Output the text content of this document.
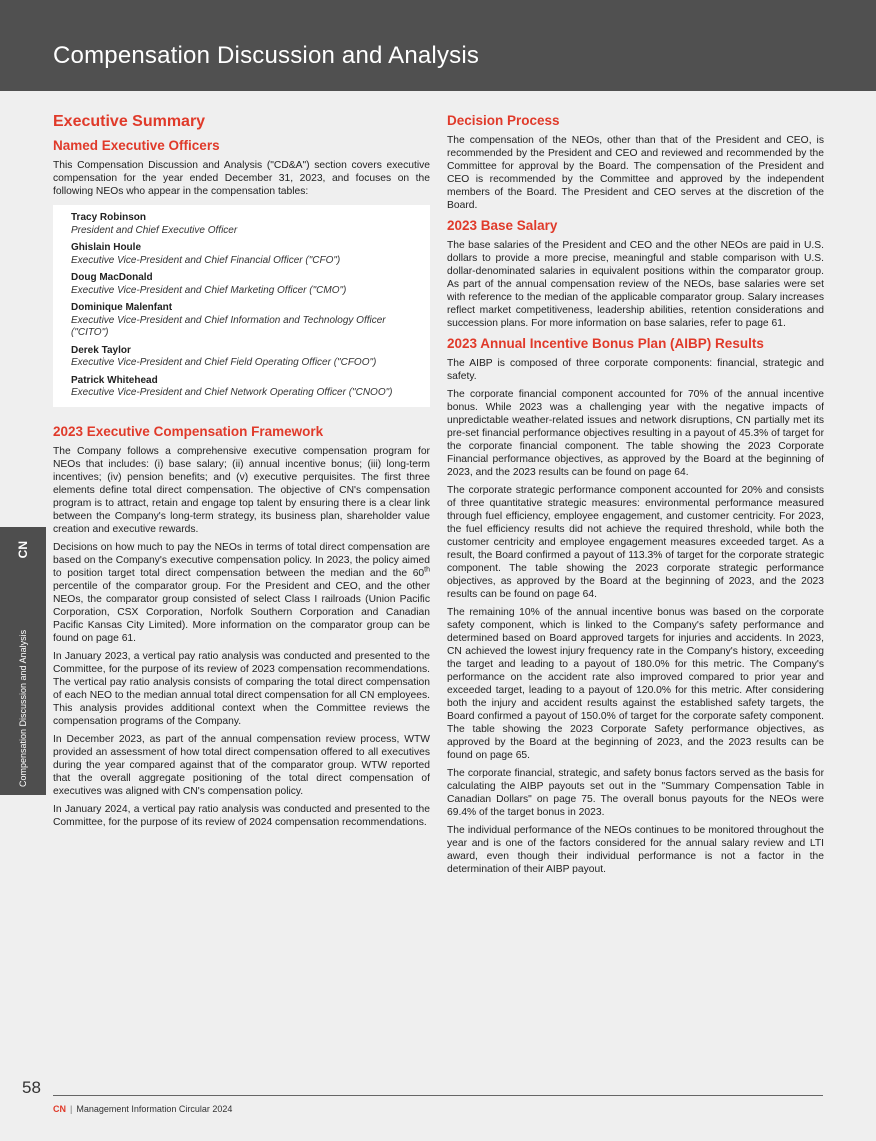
Compensation Discussion and Analysis
Compensation Discussion and Analysis
CN
Executive Summary
Named Executive Officers

This Compensation Discussion and Analysis ("CD&A") section covers executive compensation for the year ended December 31, 2023, and focuses on the following NEOs who appear in the compensation tables:

Tracy Robinson
President and Chief Executive Officer
Ghislain Houle
Executive Vice-President and Chief Financial Officer ("CFO")
Doug MacDonald
Executive Vice-President and Chief Marketing Officer ("CMO")
Dominique Malenfant
Executive Vice-President and Chief Information and Technology Officer ("CITO")
Derek Taylor
Executive Vice-President and Chief Field Operating Officer ("CFOO")
Patrick Whitehead
Executive Vice-President and Chief Network Operating Officer ("CNOO")
2023 Executive Compensation Framework

The Company follows a comprehensive executive compensation program for NEOs that includes: (i) base salary; (ii) annual incentive bonus; (iii) long-term incentives; (iv) pension benefits; and (v) executive perquisites. The first three elements define total direct compensation. The objective of CN's compensation program is to attract, retain and engage top talent by ensuring there is a clear link between the Company's long-term strategy, its business plan, shareholder value creation and executive rewards.

Decisions on how much to pay the NEOs in terms of total direct compensation are based on the Company's executive compensation policy. In 2023, the policy aimed to position target total direct compensation between the median and the 60th percentile of the comparator group. For the President and CEO, and the other NEOs, the comparator group consisted of select Class I railroads (Union Pacific Corporation, CSX Corporation, Norfolk Southern Corporation and Canadian Pacific Kansas City Limited). More information on the comparator group can be found on page 61.

In January 2023, a vertical pay ratio analysis was conducted and presented to the Committee, for the purpose of its review of 2023 compensation recommendations. The vertical pay ratio analysis consists of comparing the total direct compensation of each NEO to the median annual total direct compensation for all CN employees. This analysis provides additional context when the Committee reviews the compensation programs of the Company.

In December 2023, as part of the annual compensation review process, WTW provided an assessment of how total direct compensation offered to all executives during the year compared against that of the comparator group. WTW reported that the overall aggregate positioning of the total direct compensation of executives was aligned with CN's compensation policy.

In January 2024, a vertical pay ratio analysis was conducted and presented to the Committee, for the purpose of its review of 2024 compensation recommendations.

Decision Process

The compensation of the NEOs, other than that of the President and CEO, is recommended by the President and CEO and reviewed and recommended by the Committee for approval by the Board. The compensation of the President and CEO is recommended by the Committee and approved by the independent members of the Board. The President and CEO serves at the discretion of the Board.

2023 Base Salary

The base salaries of the President and CEO and the other NEOs are paid in U.S. dollars to provide a more precise, meaningful and stable comparison with U.S. dollar-denominated salaries in equivalent positions within the comparator group. As part of the annual compensation review of the NEOs, base salaries were set with reference to the median of the applicable comparator group. Salary increases reflect market competitiveness, leadership abilities, retention considerations and succession plans. For more information on base salaries, refer to page 61.

2023 Annual Incentive Bonus Plan (AIBP) Results

The AIBP is composed of three corporate components: financial, strategic and safety.

The corporate financial component accounted for 70% of the annual incentive bonus. While 2023 was a challenging year with the negative impacts of unpredictable weather-related issues and network disruptions, CN partially met its pre-set financial performance objectives resulting in a payout of 45.3% of target for the corporate financial component. The table showing the 2023 Corporate Financial performance objectives, as approved by the Board at the beginning of 2023, and the 2023 results can be found on page 64.

The corporate strategic performance component accounted for 20% and consists of three quantitative strategic measures: environmental performance measured through fuel efficiency, employee engagement, and customer centricity. For 2023, the fuel efficiency results did not achieve the required threshold, while both the customer centricity and employee engagement measures exceeded target. As a result, the Board confirmed a payout of 113.3% of target for the corporate strategic component. The table showing the 2023 corporate strategic performance objectives, as approved by the Board at the beginning of 2023, and the 2023 results can be found on page 64.

The remaining 10% of the annual incentive bonus was based on the corporate safety component, which is linked to the Company's safety performance and determined based on Board approved targets for injuries and accidents. In 2023, CN achieved the lowest injury frequency rate in the Company's history, exceeding the target and leading to a payout of 180.0% for this metric. The Company's performance on the accident rate also improved compared to prior year and exceeded target, leading to a payout of 120.0% for this metric. After considering both the injury and accident results against the established safety targets, the Board confirmed a payout of 150.0% of target for the corporate safety component. The table showing the 2023 Corporate Safety performance objectives, as approved by the Board at the beginning of 2023, and the 2023 results can be found on page 65.

The corporate financial, strategic, and safety bonus factors served as the basis for calculating the AIBP payouts set out in the "Summary Compensation Table in Canadian Dollars" on page 75. The overall bonus payouts for the NEOs were 69.4% of the target bonus in 2023.

The individual performance of the NEOs continues to be monitored throughout the year and is one of the factors considered for the annual salary review and LTI award, even though their individual performance is not a factor in the determination of their AIBP payout.

58
CN | Management Information Circular 2024
